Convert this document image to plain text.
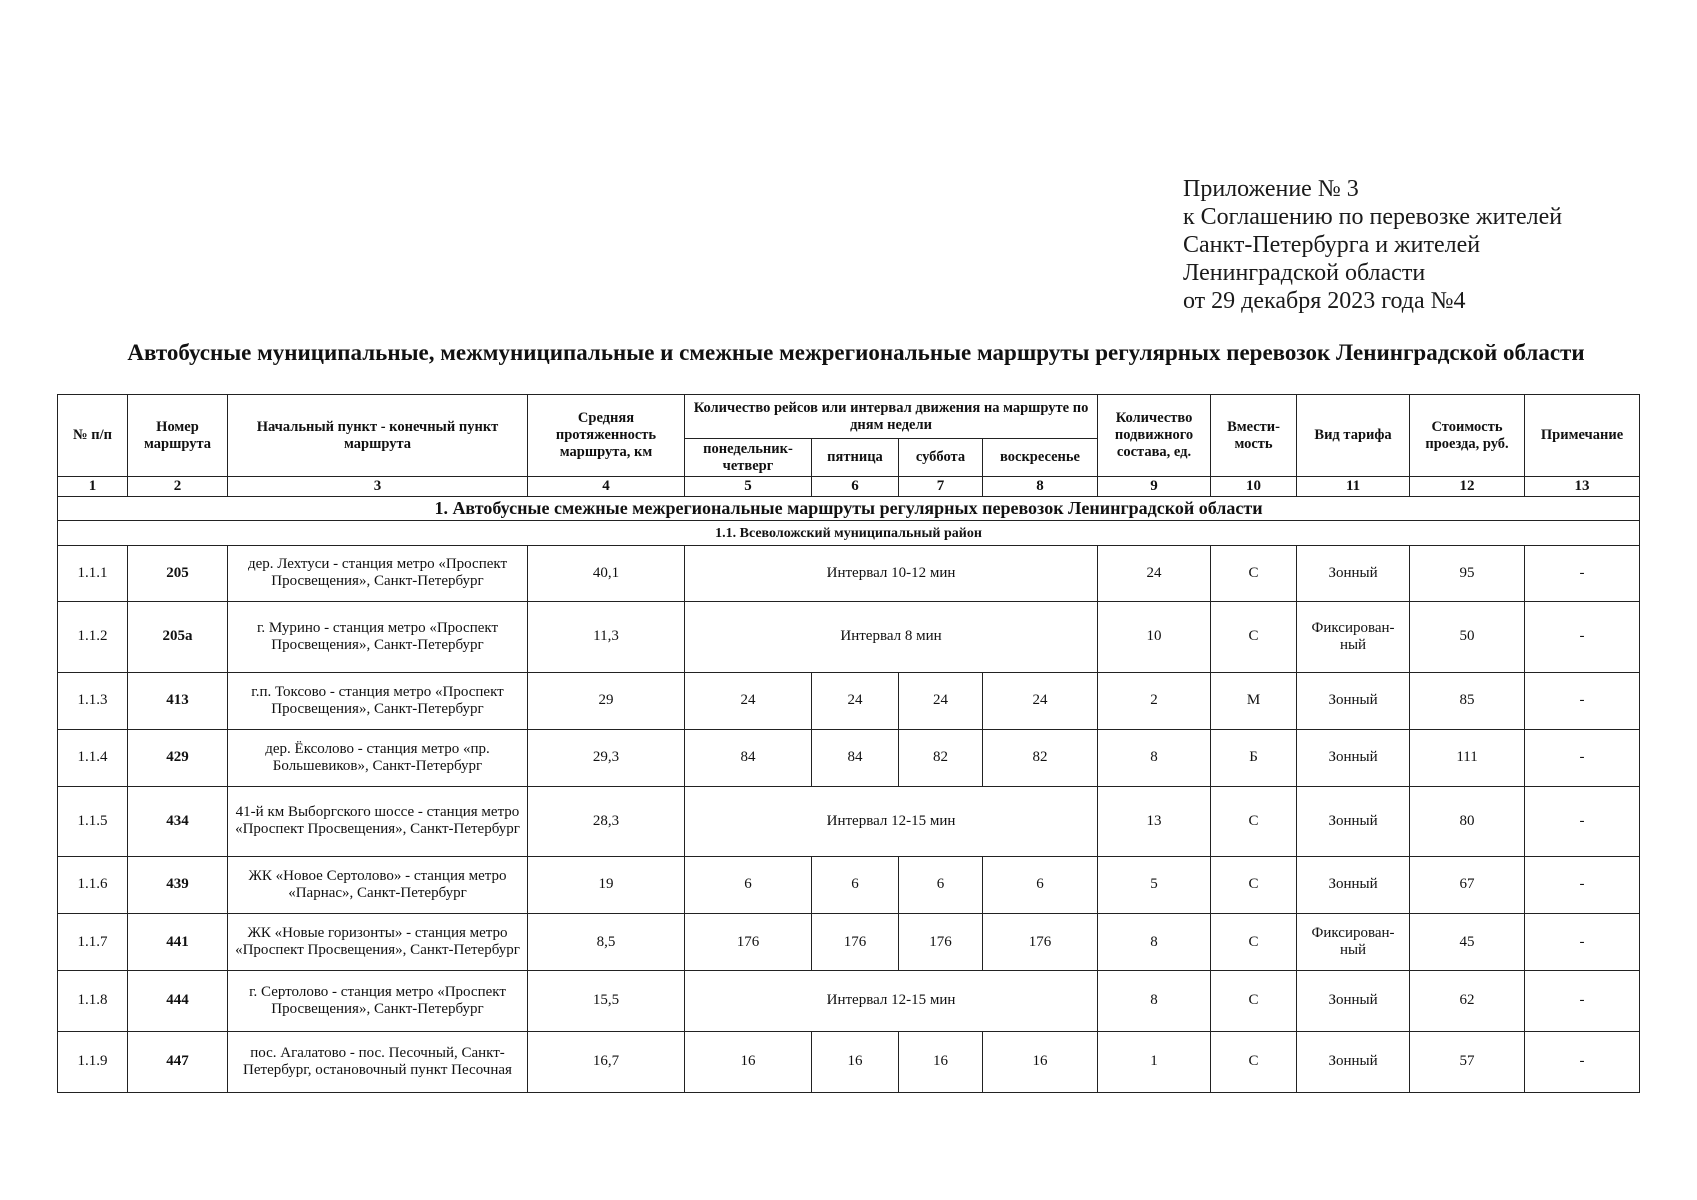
Приложение № 3
к Соглашению по перевозке жителей
Санкт-Петербурга и жителей
Ленинградской области
от 29 декабря 2023 года №4
Автобусные муниципальные, межмуниципальные и смежные межрегиональные маршруты регулярных перевозок Ленинградской области
№ п/п	Номер маршрута	Начальный пункт - конечный пункт маршрута	Средняя протяженность маршрута, км	Количество рейсов или интервал движения на маршруте по дням недели				Количество подвижного состава, ед.	Вмести-мость	Вид тарифа	Стоимость проезда, руб.	Примечание
				понедельник-четверг	пятница	суббота	воскресенье					
1	2	3	4	5	6	7	8	9	10	11	12	13
1. Автобусные смежные межрегиональные маршруты регулярных перевозок Ленинградской области												
1.1. Всеволожский муниципальный район												
1.1.1	205	дер. Лехтуси - станция метро «Проспект Просвещения», Санкт-Петербург	40,1	Интервал 10-12 мин				24	С	Зонный	95	-
1.1.2	205а	г. Мурино - станция метро «Проспект Просвещения», Санкт-Петербург	11,3	Интервал 8 мин				10	С	Фиксирован-ный	50	-
1.1.3	413	г.п. Токсово - станция метро «Проспект Просвещения», Санкт-Петербург	29	24	24	24	24	2	М	Зонный	85	-
1.1.4	429	дер. Ёксолово - станция метро «пр. Большевиков», Санкт-Петербург	29,3	84	84	82	82	8	Б	Зонный	111	-
1.1.5	434	41-й км Выборгского шоссе - станция метро «Проспект Просвещения», Санкт-Петербург	28,3	Интервал 12-15 мин				13	С	Зонный	80	-
1.1.6	439	ЖК «Новое Сертолово» - станция метро «Парнас», Санкт-Петербург	19	6	6	6	6	5	С	Зонный	67	-
1.1.7	441	ЖК «Новые горизонты» - станция метро «Проспект Просвещения», Санкт-Петербург	8,5	176	176	176	176	8	С	Фиксирован-ный	45	-
1.1.8	444	г. Сертолово - станция метро «Проспект Просвещения», Санкт-Петербург	15,5	Интервал 12-15 мин				8	С	Зонный	62	-
1.1.9	447	пос. Агалатово - пос. Песочный, Санкт-Петербург, остановочный пункт Песочная	16,7	16	16	16	16	1	С	Зонный	57	-
